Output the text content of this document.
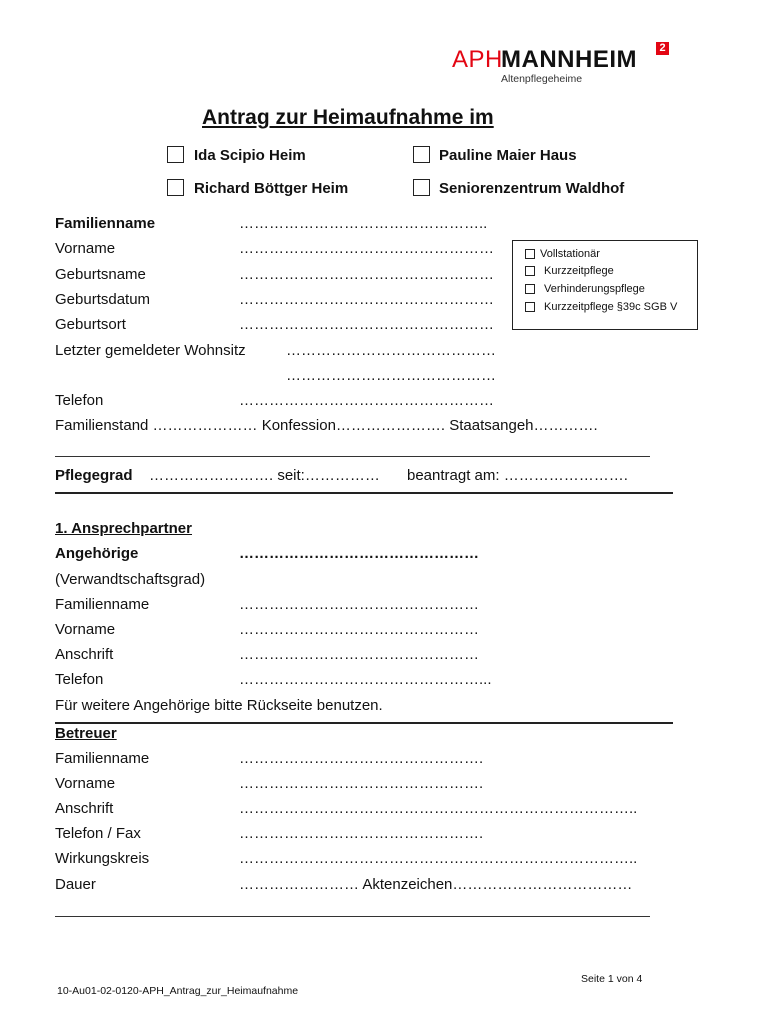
APH
MANNHEIM	2
Altenpflegeheime
Antrag zur Heimaufnahme im
Ida Scipio Heim	Pauline Maier Haus
Richard Böttger Heim	Seniorenzentrum Waldhof
Familienname	…………………………………………..
Vorname	……………………………………………
Geburtsname	……………………………………………
Geburtsdatum	……………………………………………
Geburtsort	……………………………………………
Letzter gemeldeter Wohnsitz	……………………………………
……………………………………
Telefon	……………………………………………
Familienstand ………………… Konfession…………………. Staatsangeh………….
Vollstationär
Kurzzeitpflege
Verhinderungspflege
Kurzzeitpflege §39c SGB V
Pflegegrad ……………………. seit:…………… beantragt am: …………………….
1. Ansprechpartner
Angehörige	…………………………………………
(Verwandtschaftsgrad)
Familienname	…………………………………………
Vorname	…………………………………………
Anschrift	…………………………………………
Telefon	…………………………………………...
Für weitere Angehörige bitte Rückseite benutzen.
Betreuer
Familienname	………………………………………….
Vorname	………………………………………….
Anschrift	……………………………………………………………………..
Telefon / Fax	………………………………………….
Wirkungskreis	……………………………………………………………………..
Dauer	…………………… Aktenzeichen………………………………
Seite 1 von 4
10-Au01-02-0120-APH_Antrag_zur_Heimaufnahme
